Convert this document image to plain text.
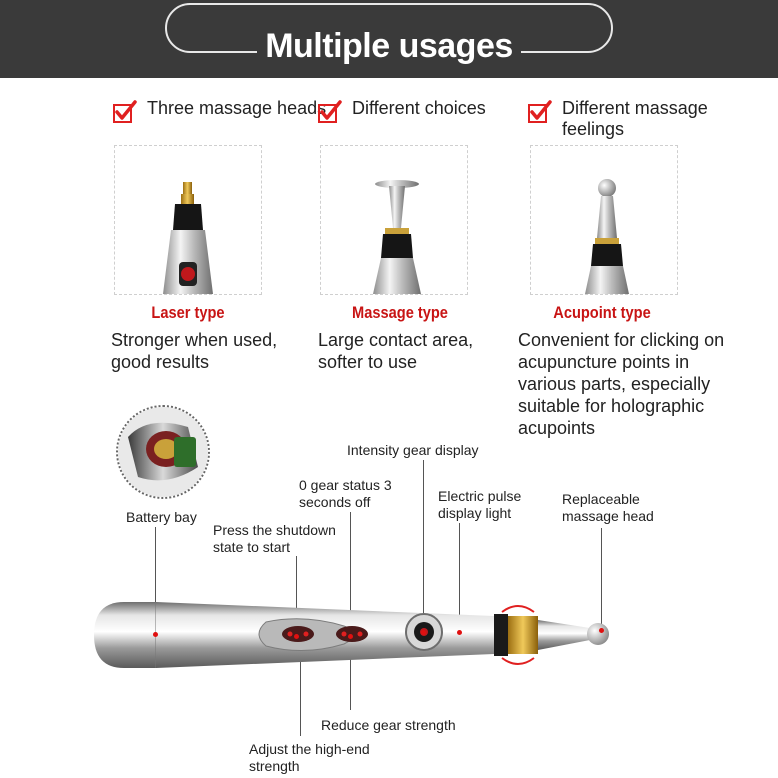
Multiple usages
Three massage heads	Different choices	Different massage feelings
Laser type	Massage type	Acupoint type
Stronger when used, good results
Large contact area, softer to use
Convenient for clicking on acupuncture points in various parts, especially suitable for holographic acupoints
Battery bay
Press the shutdown state to start
0 gear status 3 seconds off
Intensity gear display
Electric pulse display light
Replaceable massage head
Reduce gear strength
Adjust the high-end strength
